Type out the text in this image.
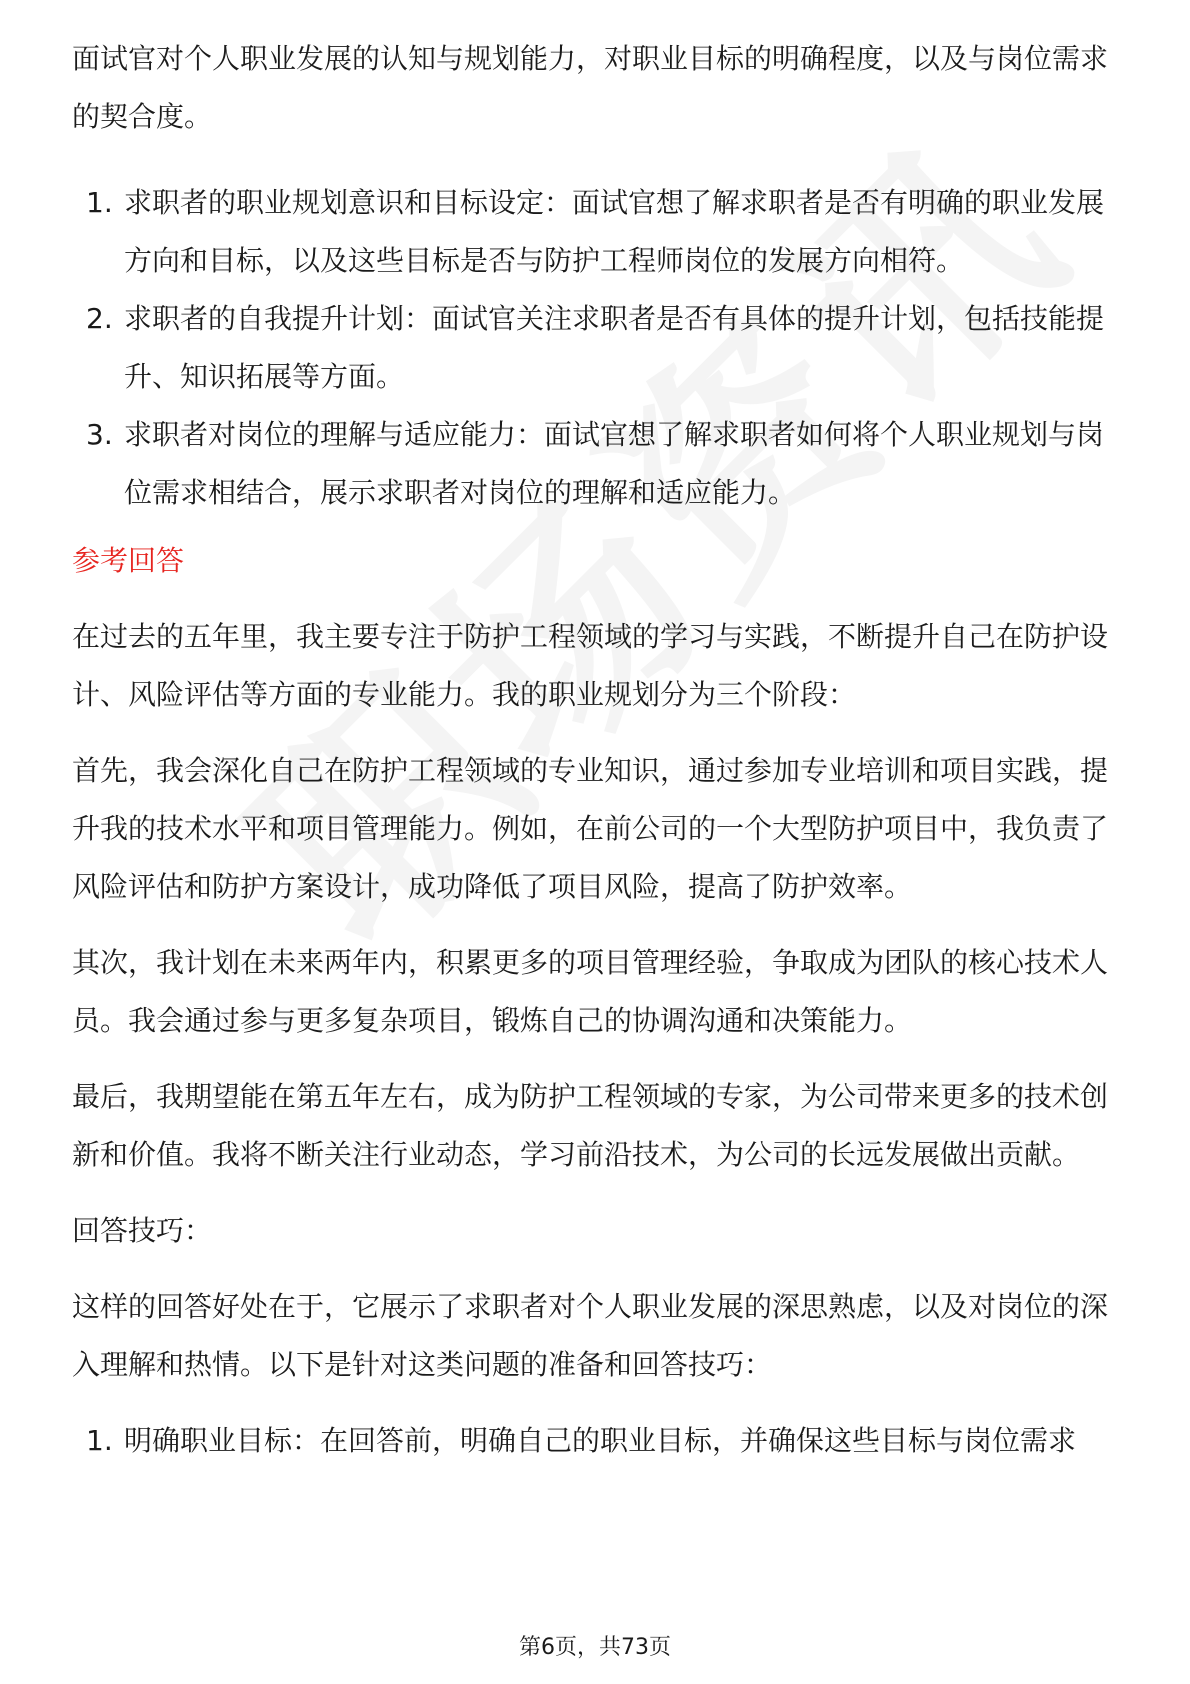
面试官对个人职业发展的认知与规划能力，对职业目标的明确程度，以及与岗位需求的契合度。

1. 求职者的职业规划意识和目标设定：面试官想了解求职者是否有明确的职业发展方向和目标，以及这些目标是否与防护工程师岗位的发展方向相符。
2. 求职者的自我提升计划：面试官关注求职者是否有具体的提升计划，包括技能提升、知识拓展等方面。
3. 求职者对岗位的理解与适应能力：面试官想了解求职者如何将个人职业规划与岗位需求相结合，展示求职者对岗位的理解和适应能力。

参考回答

在过去的五年里，我主要专注于防护工程领域的学习与实践，不断提升自己在防护设计、风险评估等方面的专业能力。我的职业规划分为三个阶段：

首先，我会深化自己在防护工程领域的专业知识，通过参加专业培训和项目实践，提升我的技术水平和项目管理能力。例如，在前公司的一个大型防护项目中，我负责了风险评估和防护方案设计，成功降低了项目风险，提高了防护效率。

其次，我计划在未来两年内，积累更多的项目管理经验，争取成为团队的核心技术人员。我会通过参与更多复杂项目，锻炼自己的协调沟通和决策能力。

最后，我期望能在第五年左右，成为防护工程领域的专家，为公司带来更多的技术创新和价值。我将不断关注行业动态，学习前沿技术，为公司的长远发展做出贡献。

回答技巧：

这样的回答好处在于，它展示了求职者对个人职业发展的深思熟虑，以及对岗位的深入理解和热情。以下是针对这类问题的准备和回答技巧：

1. 明确职业目标：在回答前，明确自己的职业目标，并确保这些目标与岗位需求
第6页，共73页
